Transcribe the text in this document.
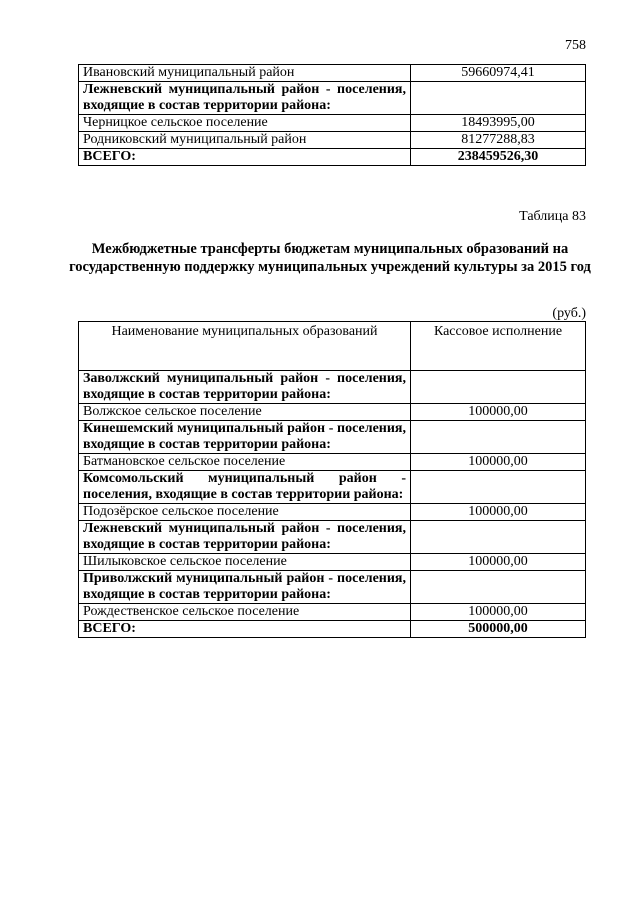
758
Ивановский муниципальный район	59660974,41
Лежневский муниципальный район - поселения, входящие в состав территории района:	
Черницкое сельское поселение	18493995,00
Родниковский муниципальный район	81277288,83
ВСЕГО:	238459526,30
Таблица 83
Межбюджетные трансферты бюджетам муниципальных образований на государственную поддержку муниципальных учреждений культуры за 2015 год
(руб.)
Наименование муниципальных образований	Кассовое исполнение
Заволжский муниципальный район - поселения, входящие в состав территории района:	
Волжское сельское поселение	100000,00
Кинешемский муниципальный район - поселения, входящие в состав территории района:	
Батмановское сельское поселение	100000,00
Комсомольский муниципальный район - поселения, входящие в состав территории района:	
Подозёрское сельское поселение	100000,00
Лежневский муниципальный район - поселения, входящие в состав территории района:	
Шилыковское сельское поселение	100000,00
Приволжский муниципальный район - поселения, входящие в состав территории района:	
Рождественское сельское поселение	100000,00
ВСЕГО:	500000,00
